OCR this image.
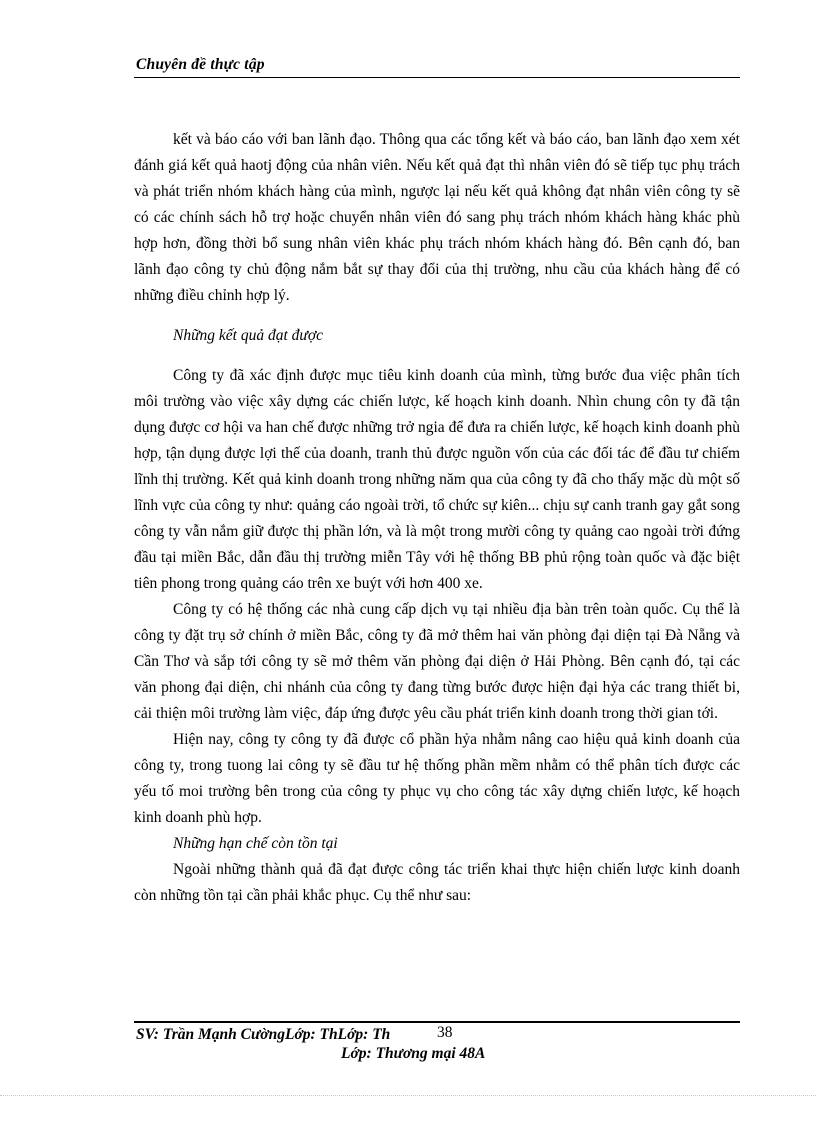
Chuyên đề thực tập

kết và báo cáo với ban lãnh đạo. Thông qua các tổng kết và báo cáo, ban lãnh đạo xem xét đánh giá kết quả haotj động của nhân viên. Nếu kết quả đạt thì nhân viên đó sẽ tiếp tục phụ trách và phát triển nhóm khách hàng của mình, ngược lại nếu kết quả không đạt nhân viên công ty sẽ có các chính sách hỗ trợ hoặc chuyển nhân viên đó sang phụ trách nhóm khách hàng khác phù hợp hơn, đồng thời bổ sung nhân viên khác phụ trách nhóm khách hàng đó. Bên cạnh đó, ban lãnh đạo công ty chủ động nắm bắt sự thay đổi của thị trường, nhu cầu của khách hàng để có những điều chỉnh hợp lý.

Những kết quả đạt được

Công ty đã xác định được mục tiêu kinh doanh của mình, từng bước đua việc phân tích môi trường vào việc xây dựng các chiến lược, kế hoạch kinh doanh. Nhìn chung côn ty đã tận dụng được cơ hội va han chế được những trở ngia để đưa ra chiến lược, kế hoạch kinh doanh phù hợp, tận dụng được lợi thế của doanh, tranh thủ được nguồn vốn của các đối tác để đầu tư chiếm lĩnh thị trường. Kết quả kinh doanh trong những năm qua của công ty đã cho thấy mặc dù một số lĩnh vực của công ty như: quảng cáo ngoài trời, tổ chức sự kiên... chịu sự canh tranh gay gắt song công ty vẫn nắm giữ được thị phần lớn, và là một trong mười công ty quảng cao ngoài trời đứng đầu tại miền Bắc, dẫn đầu thị trường miễn Tây với hệ thống BB phủ rộng toàn quốc và đặc biệt tiên phong trong quảng cáo trên xe buýt với hơn 400 xe.

Công ty có hệ thống các nhà cung cấp dịch vụ tại nhiều địa bàn trên toàn quốc. Cụ thể là công ty đặt trụ sở chính ở miền Bắc, công ty đã mở thêm hai văn phòng đại diện tại Đà Nẵng và Cần Thơ và sắp tới công ty sẽ mở thêm văn phòng đại diện ở Hải Phòng. Bên cạnh đó, tại các văn phong đại diện, chi nhánh của công ty đang từng bước được hiện đại hỷa các trang thiết bi, cải thiện môi trường làm việc, đáp ứng được yêu cầu phát triển kinh doanh trong thời gian tới.

Hiện nay, công ty công ty đã được cổ phần hỷa nhằm nâng cao hiệu quả kinh doanh của công ty, trong tuong lai công ty sẽ đầu tư hệ thống phần mềm nhằm có thể phân tích được các yếu tố moi trường bên trong của công ty phục vụ cho công tác xây dựng chiến lược, kế hoạch kinh doanh phù hợp.

Những hạn chế còn tồn tại

Ngoài những thành quả đã đạt được công tác triển khai thực hiện chiến lược kinh doanh còn những tồn tại cần phải khắc phục. Cụ thể như sau:

SV: Trần Mạnh CườngLớp: ThLớp: Th	38
Lớp: Thương mại 48A
